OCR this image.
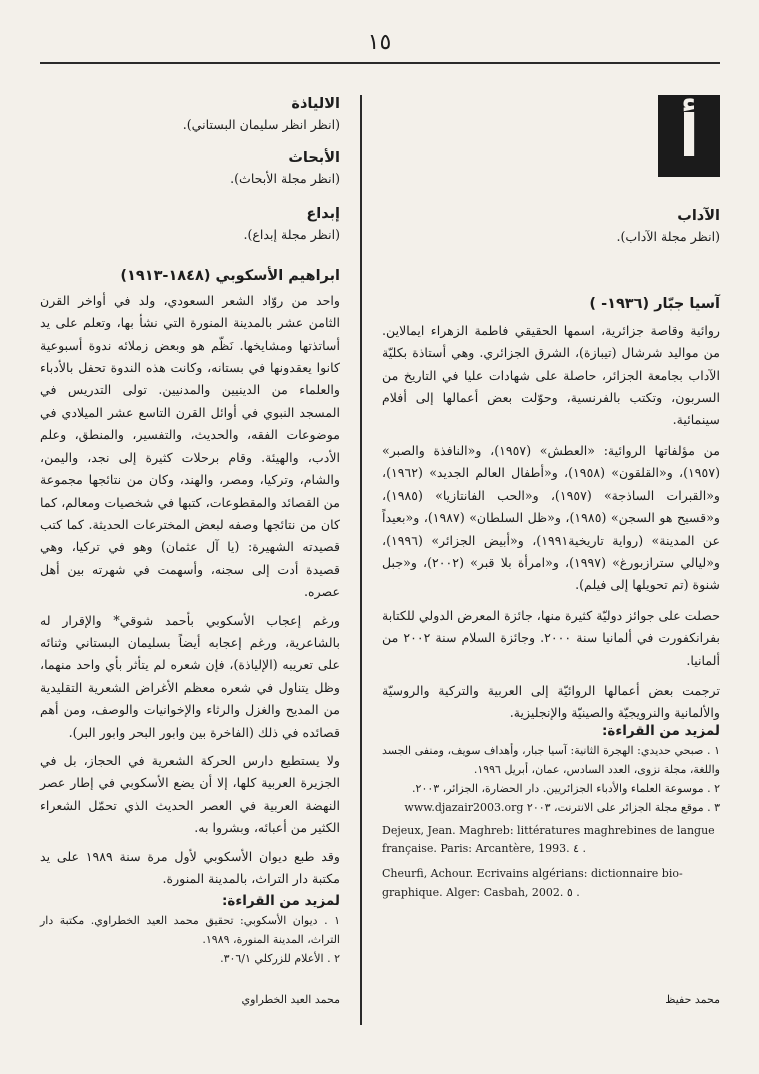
١٥
أ

الآداب

(انظر مجلة الآداب).

آسيا جبّار (١٩٣٦- )

روائية وقاصة جزائرية، اسمها الحقيقي فاطمة الزهراء ايمالاين. من مواليد شرشال (تيبازة)، الشرق الجزائري. وهي أستاذة بكليّة الآداب بجامعة الجزائر، حاصلة على شهادات عليا في التاريخ من السربون، وتكتب بالفرنسية، وحوّلت بعض أعمالها إلى أفلام سينمائية.

من مؤلفاتها الروائية: «العطش» (١٩٥٧)، و«النافذة والصبر» (١٩٥٧)، و«القلقون» (١٩٥٨)، و«أطفال العالم الجديد» (١٩٦٢)، و«القبرات الساذجة» (١٩٥٧)، و«الحب الفانتازيا» (١٩٨٥)، و«قسيح هو السجن» (١٩٨٥)، و«ظل السلطان» (١٩٨٧)، و«بعيداً عن المدينة» (رواية تاريخية١٩٩١)، و«أبيض الجزائر» (١٩٩٦)، و«ليالي سترازبورغ» (١٩٩٧)، و«امرأة بلا قبر» (٢٠٠٢)، و«جبل شنوة (تم تحويلها إلى فيلم).

حصلت على جوائز دوليّة كثيرة منها، جائزة المعرض الدولي للكتابة بفرانكفورت في ألمانيا سنة ٢٠٠٠. وجائزة السلام سنة ٢٠٠٢ من ألمانيا.

ترجمت بعض أعمالها الروائيّة إلى العربية والتركية والروسيّة والألمانية والنرويجيّة والصينيّة والإنجليزية.

لمزيد من القراءة:

١ . صبحي حديدي: الهجرة الثانية: آسيا جبار، وأهداف سويف، ومنفى الجسد واللغة، مجلة نزوى، العدد السادس، عمان، أبريل ١٩٩٦.

٢ . موسوعة العلماء والأدباء الجزائريين. دار الحضارة، الجزائر، ٢٠٠٣.

٣ . موقع مجلة الجزائر على الانترنت، ٢٠٠٣ www.djazair2003.org

Dejeux, Jean. Maghreb: littératures maghrebines de langue française. Paris: Arcantère, 1993. ٤ .

Cheurfi, Achour. Ecrivains algérians: dictionnaire bio-graphique. Alger: Casbah, 2002. ٥ .

محمد حفيظ

الالياذة

(انظر انظر سليمان البستاني).

الأبحاث

(انظر مجلة الأبحاث).

إبداع

(انظر مجلة إبداع).

ابراهيم الأسكوبي (١٨٤٨-١٩١٣)

واحد من روّاد الشعر السعودي، ولد في أواخر القرن الثامن عشر بالمدينة المنورة التي نشأ بها، وتعلم على يد أساتذتها ومشايخها. نَظّم هو وبعض زملائه ندوة أسبوعية كانوا يعقدونها في بستانه، وكانت هذه الندوة تحفل بالأدباء والعلماء من الدينيين والمدنيين. تولى التدريس في المسجد النبوي في أوائل القرن التاسع عشر الميلادي في موضوعات الفقه، والحديث، والتفسير، والمنطق، وعلم الأدب، والهيئة. وقام برحلات كثيرة إلى نجد، واليمن، والشام، وتركيا، ومصر، والهند، وكان من نتائجها مجموعة من القصائد والمقطوعات، كتبها في شخصيات ومعالم، كما كان من نتائجها وصفه لبعض المخترعات الحديثة. كما كتب قصيدته الشهيرة: (يا آل عثمان) وهو في تركيا، وهي قصيدة أدت إلى سجنه، وأسهمت في شهرته بين أهل عصره.

ورغم إعجاب الأسكوبي بأحمد شوقي* والإقرار له بالشاعرية، ورغم إعجابه أيضاً بسليمان البستاني وثنائه على تعريبه (الإلياذة)، فإن شعره لم يتأثر بأي واحد منهما، وظل يتناول في شعره معظم الأغراض الشعرية التقليدية من المديح والغزل والرثاء والإخوانيات والوصف، ومن أهم قصائده في ذلك (الفاخرة بين وابور البحر وابور البر).

ولا يستطيع دارس الحركة الشعرية في الحجاز، بل في الجزيرة العربية كلها، إلا أن يضع الأسكوبي في إطار عصر النهضة العربية في العصر الحديث الذي تحمّل الشعراء الكثير من أعبائه، وبشروا به.

وقد طبع ديوان الأسكوبي لأول مرة سنة ١٩٨٩ على يد مكتبة دار التراث، بالمدينة المنورة.

لمزيد من القراءة:

١ . ديوان الأسكوبي: تحقيق محمد العيد الخطراوي. مكتبة دار التراث، المدينة المنورة، ١٩٨٩.

٢ . الأعلام للزركلي ٣٠٦/١.

محمد العيد الخطراوي
